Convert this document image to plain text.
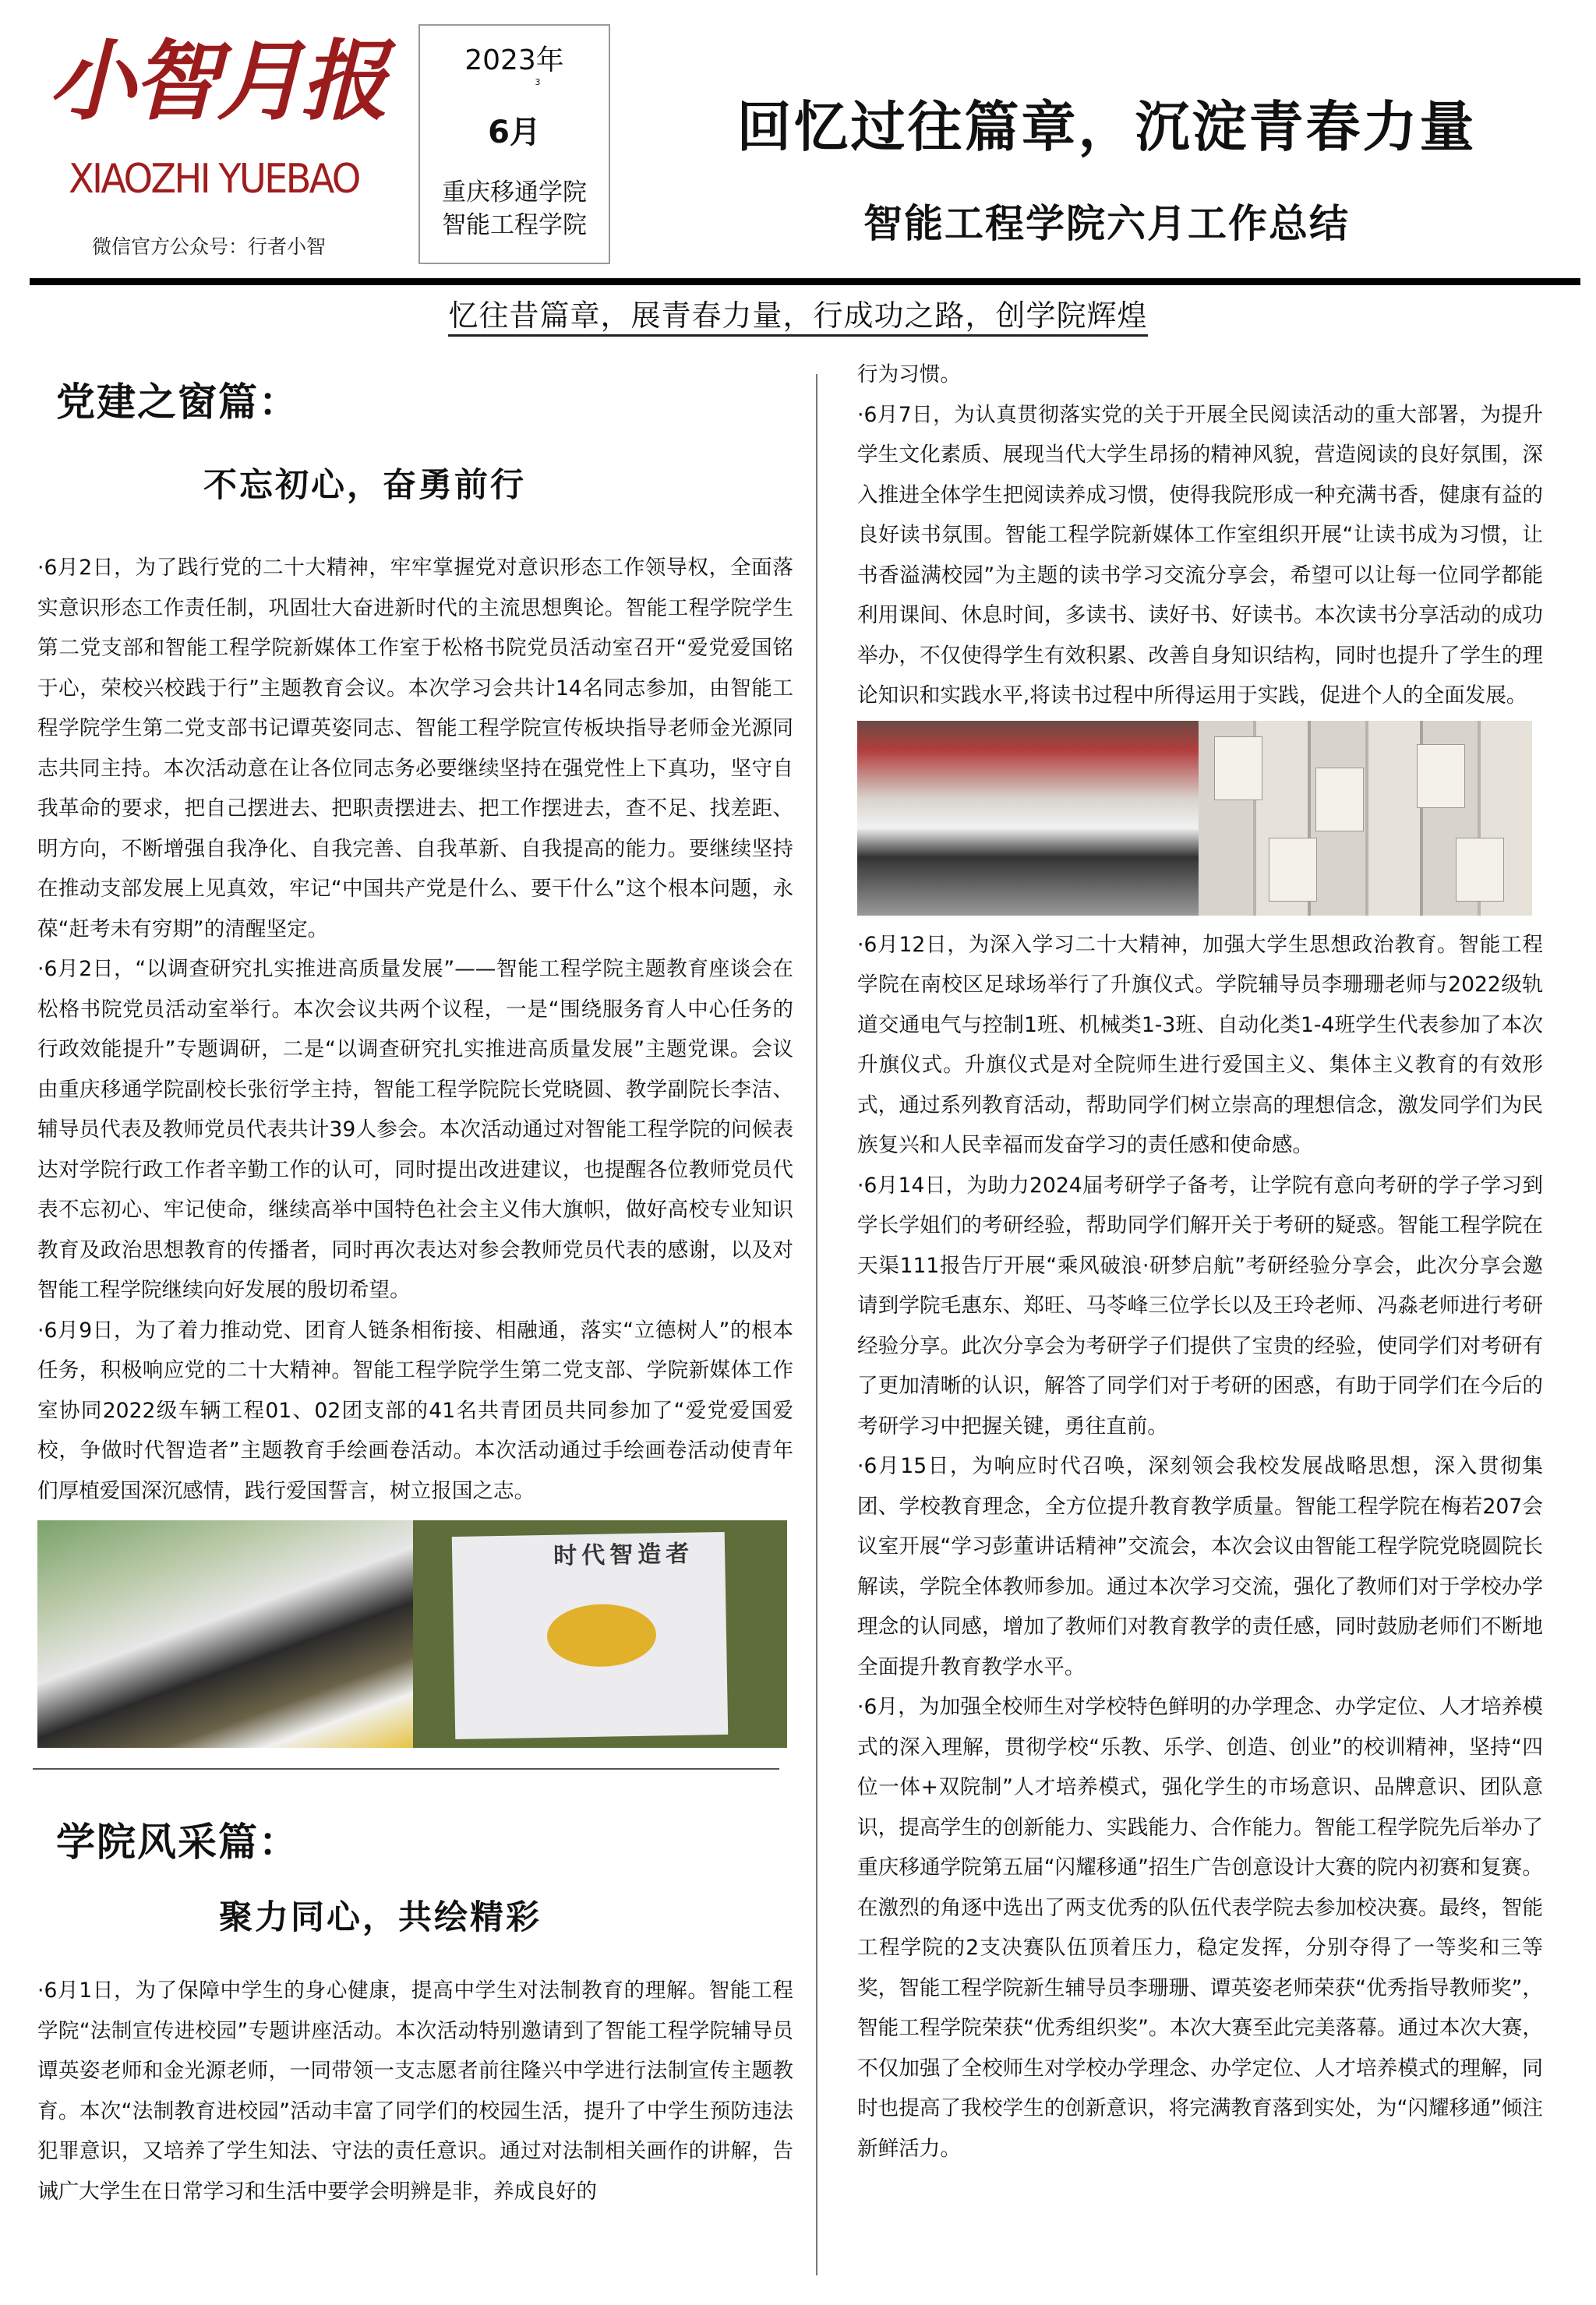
小智月报
XIAOZHI YUEBAO
微信官方公众号：行者小智
2023年
3
6月
重庆移通学院
智能工程学院
回忆过往篇章，沉淀青春力量
智能工程学院六月工作总结
忆往昔篇章，展青春力量，行成功之路，创学院辉煌
党建之窗篇：
不忘初心，奋勇前行

·6月2日，为了践行党的二十大精神，牢牢掌握党对意识形态工作领导权，全面落实意识形态工作责任制，巩固壮大奋进新时代的主流思想舆论。智能工程学院学生第二党支部和智能工程学院新媒体工作室于松格书院党员活动室召开“爱党爱国铭于心，荣校兴校践于行”主题教育会议。本次学习会共计14名同志参加，由智能工程学院学生第二党支部书记谭英姿同志、智能工程学院宣传板块指导老师金光源同志共同主持。本次活动意在让各位同志务必要继续坚持在强党性上下真功，坚守自我革命的要求，把自己摆进去、把职责摆进去、把工作摆进去，查不足、找差距、明方向，不断增强自我净化、自我完善、自我革新、自我提高的能力。要继续坚持在推动支部发展上见真效，牢记“中国共产党是什么、要干什么”这个根本问题，永葆“赶考未有穷期”的清醒坚定。

·6月2日，“以调查研究扎实推进高质量发展”——智能工程学院主题教育座谈会在松格书院党员活动室举行。本次会议共两个议程，一是“围绕服务育人中心任务的行政效能提升”专题调研，二是“以调查研究扎实推进高质量发展”主题党课。会议由重庆移通学院副校长张衍学主持，智能工程学院院长党晓圆、教学副院长李洁、辅导员代表及教师党员代表共计39人参会。本次活动通过对智能工程学院的问候表达对学院行政工作者辛勤工作的认可，同时提出改进建议，也提醒各位教师党员代表不忘初心、牢记使命，继续高举中国特色社会主义伟大旗帜，做好高校专业知识教育及政治思想教育的传播者，同时再次表达对参会教师党员代表的感谢，以及对智能工程学院继续向好发展的殷切希望。

·6月9日，为了着力推动党、团育人链条相衔接、相融通，落实“立德树人”的根本任务，积极响应党的二十大精神。智能工程学院学生第二党支部、学院新媒体工作室协同2022级车辆工程01、02团支部的41名共青团员共同参加了“爱党爱国爱校，争做时代智造者”主题教育手绘画卷活动。本次活动通过手绘画卷活动使青年们厚植爱国深沉感情，践行爱国誓言，树立报国之志。

时代智造者
学院风采篇：
聚力同心，共绘精彩

·6月1日，为了保障中学生的身心健康，提高中学生对法制教育的理解。智能工程学院“法制宣传进校园”专题讲座活动。本次活动特别邀请到了智能工程学院辅导员谭英姿老师和金光源老师，一同带领一支志愿者前往隆兴中学进行法制宣传主题教育。本次“法制教育进校园”活动丰富了同学们的校园生活，提升了中学生预防违法犯罪意识，又培养了学生知法、守法的责任意识。通过对法制相关画作的讲解，告诫广大学生在日常学习和生活中要学会明辨是非，养成良好的

行为习惯。

·6月7日，为认真贯彻落实党的关于开展全民阅读活动的重大部署，为提升学生文化素质、展现当代大学生昂扬的精神风貌，营造阅读的良好氛围，深入推进全体学生把阅读养成习惯，使得我院形成一种充满书香，健康有益的良好读书氛围。智能工程学院新媒体工作室组织开展“让读书成为习惯，让书香溢满校园”为主题的读书学习交流分享会，希望可以让每一位同学都能利用课间、休息时间，多读书、读好书、好读书。本次读书分享活动的成功举办，不仅使得学生有效积累、改善自身知识结构，同时也提升了学生的理论知识和实践水平,将读书过程中所得运用于实践，促进个人的全面发展。

·6月12日，为深入学习二十大精神，加强大学生思想政治教育。智能工程学院在南校区足球场举行了升旗仪式。学院辅导员李珊珊老师与2022级轨道交通电气与控制1班、机械类1-3班、自动化类1-4班学生代表参加了本次升旗仪式。升旗仪式是对全院师生进行爱国主义、集体主义教育的有效形式，通过系列教育活动，帮助同学们树立崇高的理想信念，激发同学们为民族复兴和人民幸福而发奋学习的责任感和使命感。

·6月14日，为助力2024届考研学子备考，让学院有意向考研的学子学习到学长学姐们的考研经验，帮助同学们解开关于考研的疑惑。智能工程学院在天渠111报告厅开展“乘风破浪·研梦启航”考研经验分享会，此次分享会邀请到学院毛惠东、郑旺、马苓峰三位学长以及王玲老师、冯淼老师进行考研经验分享。此次分享会为考研学子们提供了宝贵的经验，使同学们对考研有了更加清晰的认识，解答了同学们对于考研的困惑，有助于同学们在今后的考研学习中把握关键，勇往直前。

·6月15日，为响应时代召唤，深刻领会我校发展战略思想，深入贯彻集团、学校教育理念，全方位提升教育教学质量。智能工程学院在梅若207会议室开展“学习彭董讲话精神”交流会，本次会议由智能工程学院党晓圆院长解读，学院全体教师参加。通过本次学习交流，强化了教师们对于学校办学理念的认同感，增加了教师们对教育教学的责任感，同时鼓励老师们不断地全面提升教育教学水平。

·6月，为加强全校师生对学校特色鲜明的办学理念、办学定位、人才培养模式的深入理解，贯彻学校“乐教、乐学、创造、创业”的校训精神，坚持“四位一体+双院制”人才培养模式，强化学生的市场意识、品牌意识、团队意识，提高学生的创新能力、实践能力、合作能力。智能工程学院先后举办了重庆移通学院第五届“闪耀移通”招生广告创意设计大赛的院内初赛和复赛。在激烈的角逐中选出了两支优秀的队伍代表学院去参加校决赛。最终，智能工程学院的2支决赛队伍顶着压力，稳定发挥，分别夺得了一等奖和三等奖，智能工程学院新生辅导员李珊珊、谭英姿老师荣获“优秀指导教师奖”，智能工程学院荣获“优秀组织奖”。本次大赛至此完美落幕。通过本次大赛，不仅加强了全校师生对学校办学理念、办学定位、人才培养模式的理解，同时也提高了我校学生的创新意识，将完满教育落到实处，为“闪耀移通”倾注新鲜活力。
